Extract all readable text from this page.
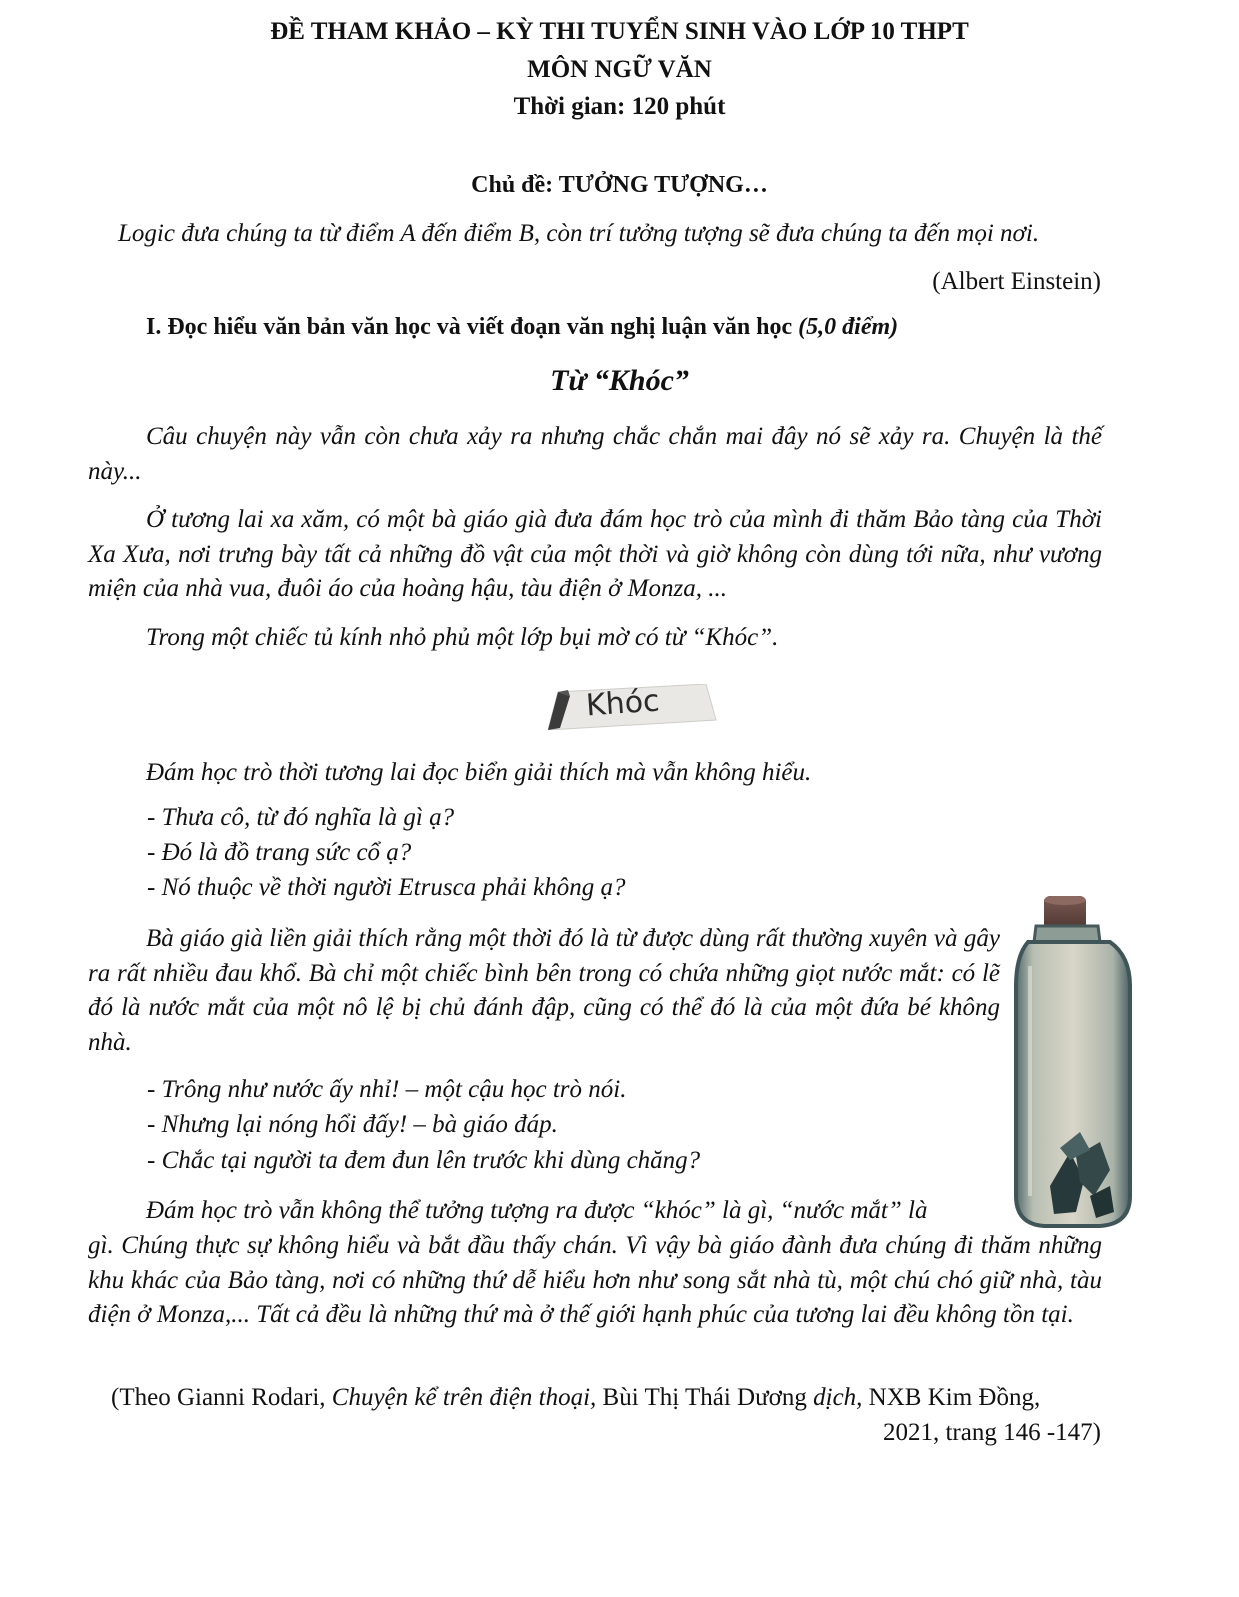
ĐỀ THAM KHẢO – KỲ THI TUYỂN SINH VÀO LỚP 10 THPT
MÔN NGỮ VĂN
Thời gian: 120 phút
Chủ đề: TƯỞNG TƯỢNG…
Logic đưa chúng ta từ điểm A đến điểm B, còn trí tưởng tượng sẽ đưa chúng ta đến mọi nơi.
(Albert Einstein)
I. Đọc hiểu văn bản văn học và viết đoạn văn nghị luận văn học (5,0 điểm)
Từ “Khóc”
Câu chuyện này vẫn còn chưa xảy ra nhưng chắc chắn mai đây nó sẽ xảy ra. Chuyện là thế này...
Ở tương lai xa xăm, có một bà giáo già đưa đám học trò của mình đi thăm Bảo tàng của Thời Xa Xưa, nơi trưng bày tất cả những đồ vật của một thời và giờ không còn dùng tới nữa, như vương miện của nhà vua, đuôi áo của hoàng hậu, tàu điện ở Monza, ...
Trong một chiếc tủ kính nhỏ phủ một lớp bụi mờ có từ “Khóc”.
Khóc
Đám học trò thời tương lai đọc biển giải thích mà vẫn không hiểu.
- Thưa cô, từ đó nghĩa là gì ạ?
- Đó là đồ trang sức cổ ạ?
- Nó thuộc về thời người Etrusca phải không ạ?
Bà giáo già liền giải thích rằng một thời đó là từ được dùng rất thường xuyên và gây ra rất nhiều đau khổ. Bà chỉ một chiếc bình bên trong có chứa những giọt nước mắt: có lẽ đó là nước mắt của một nô lệ bị chủ đánh đập, cũng có thể đó là của một đứa bé không nhà.
- Trông như nước ấy nhỉ! – một cậu học trò nói.
- Nhưng lại nóng hổi đấy! – bà giáo đáp.
- Chắc tại người ta đem đun lên trước khi dùng chăng?
Đám học trò vẫn không thể tưởng tượng ra được “khóc” là gì, “nước mắt” là
gì. Chúng thực sự không hiểu và bắt đầu thấy chán. Vì vậy bà giáo đành đưa chúng đi thăm những khu khác của Bảo tàng, nơi có những thứ dễ hiểu hơn như song sắt nhà tù, một chú chó giữ nhà, tàu điện ở Monza,... Tất cả đều là những thứ mà ở thế giới hạnh phúc của tương lai đều không tồn tại.
(Theo Gianni Rodari, Chuyện kể trên điện thoại, Bùi Thị Thái Dương dịch, NXB Kim Đồng,
2021, trang 146 -147)
